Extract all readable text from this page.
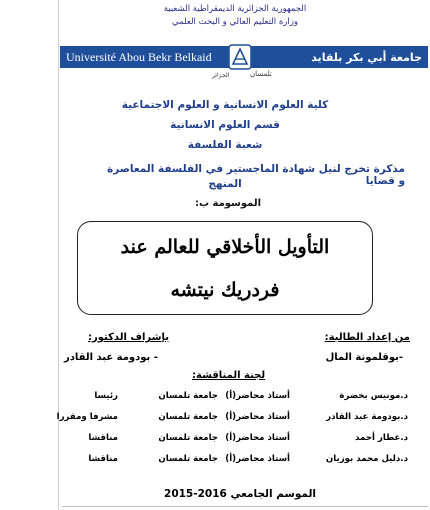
الجمهورية الجزائرية الديمقراطية الشعبية
وزارة التعليم العالي و البحث العلمي
Université Abou Bekr Belkaid	جامعة أبي بكر بلقايد
تلمسان
الجزائر
كلية العلوم الانسانية و العلوم الاجتماعية
قسم العلوم الانسانية
شعبة الفلسفة
مذكرة تخرج لنيل شهادة الماجستير في الفلسفة المعاصرة و قضايا
المنهج
الموسومة ب:
التأويل الأخلاقي للعالم عند
فردريك نيتشه
من إعداد الطالبة:
بإشراف الدكتور:
-بوقلمونة المال
- بودومة عبد القادر
لجنة المناقشة:
د.مونيس بخضرة
أستاذ محاضر(أ)
جامعة تلمسان
رئيسا
د.بودومة عبد القادر
أستاذ محاضر(أ)
جامعة تلمسان
مشرفا ومقررا
د.عطار أحمد
أستاذ محاضر(أ)
جامعة تلمسان
مناقشا
د.دليل محمد بوزيان
أستاذ محاضر(أ)
جامعة تلمسان
مناقشا
الموسم الجامعي 2016-2015
